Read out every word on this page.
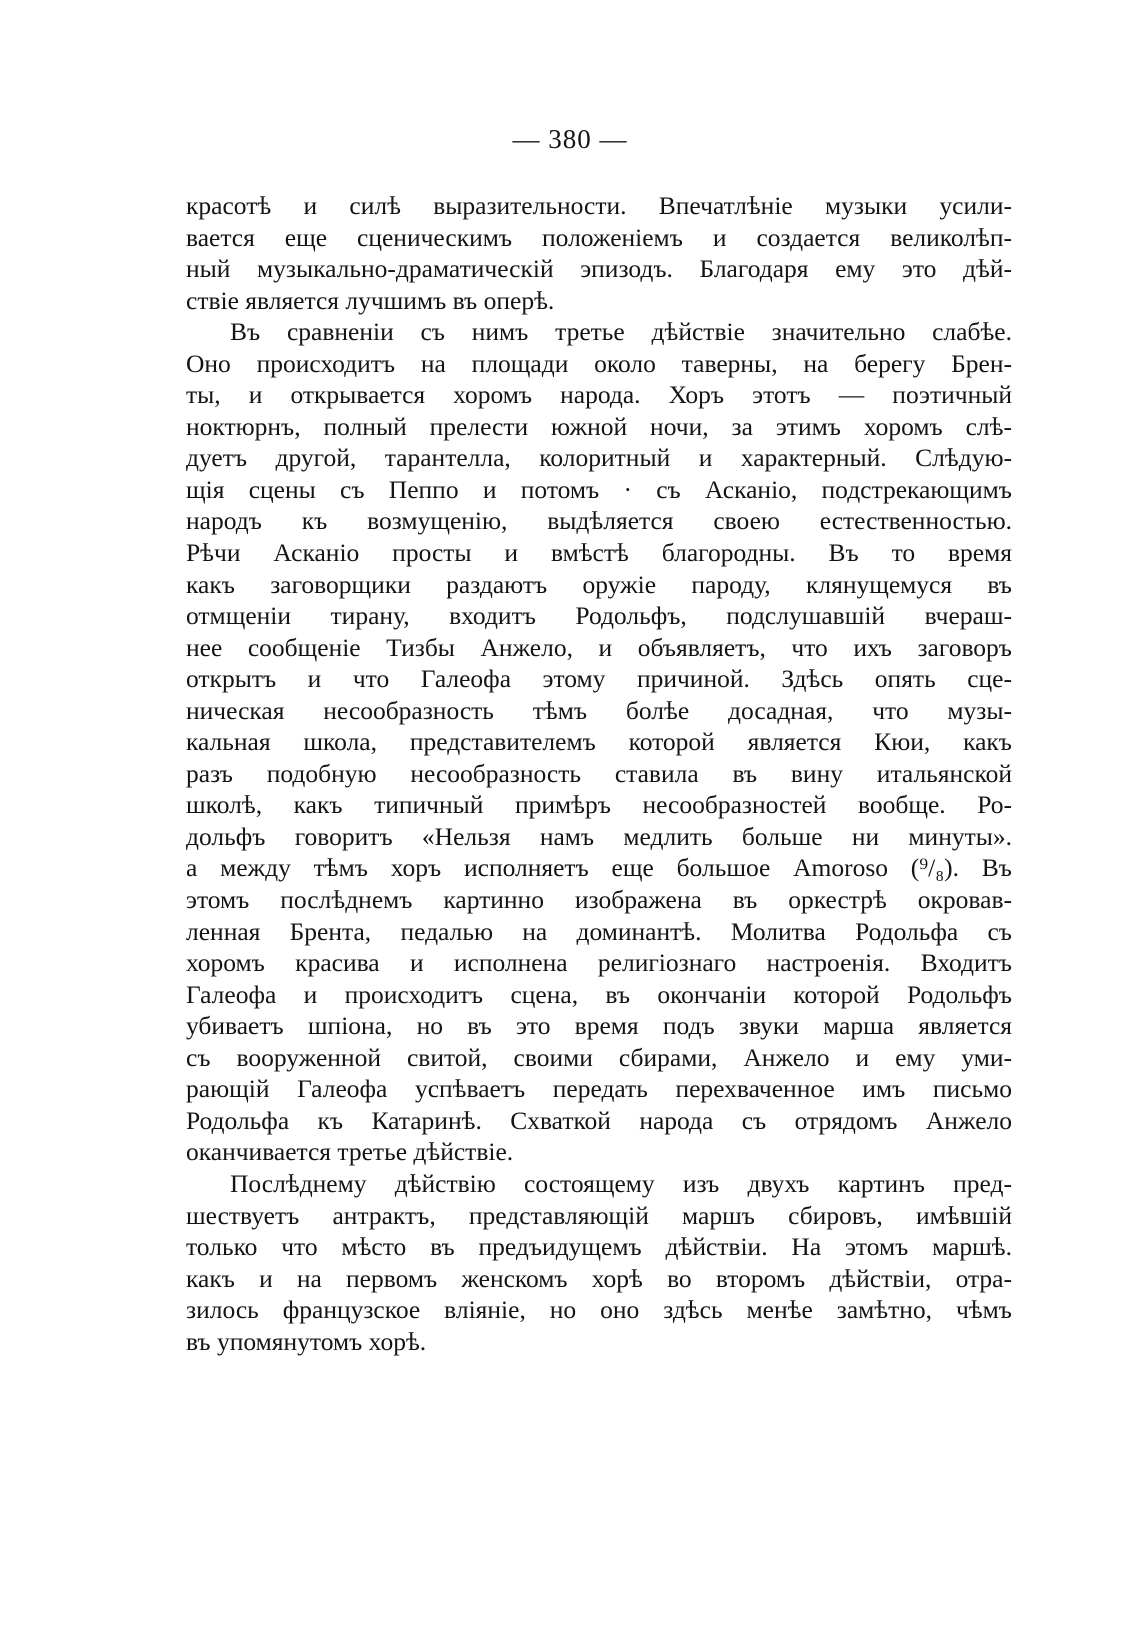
— 380 —
красотѣ и силѣ выразительности. Впечатлѣніе музыки усили-
вается еще сценическимъ положеніемъ и создается великолѣп-
ный музыкально-драматическій эпизодъ. Благодаря ему это дѣй-
ствіе является лучшимъ въ оперѣ.
Въ сравненіи съ нимъ третье дѣйствіе значительно слабѣе.
Оно происходитъ на площади около таверны, на берегу Брен-
ты, и открывается хоромъ народа. Хоръ этотъ — поэтичный
ноктюрнъ, полный прелести южной ночи, за этимъ хоромъ слѣ-
дуетъ другой, тарантелла, колоритный и характерный. Слѣдую-
щія сцены съ Пеппо и потомъ · съ Асканіо, подстрекающимъ
народъ къ возмущенію, выдѣляется своею естественностью.
Рѣчи Асканіо просты и вмѣстѣ благородны. Въ то время
какъ заговорщики раздаютъ оружіе пароду, клянущемуся въ
отмщеніи тирану, входитъ Родольфъ, подслушавшій вчераш-
нее сообщеніе Тизбы Анжело, и объявляетъ, что ихъ заговоръ
открытъ и что Галеофа этому причиной. Здѣсь опять сце-
ническая несообразность тѣмъ болѣе досадная, что музы-
кальная школа, представителемъ которой является Кюи, какъ
разъ подобную несообразность ставила въ вину итальянской
школѣ, какъ типичный примѣръ несообразностей вообще. Ро-
дольфъ говоритъ «Нельзя намъ медлить больше ни минуты».
а между тѣмъ хоръ исполняетъ еще большое Amoroso (⁹/₈). Въ
этомъ послѣднемъ картинно изображена въ оркестрѣ окровав-
ленная Брента, педалью на доминантѣ. Молитва Родольфа съ
хоромъ красива и исполнена религіознаго настроенія. Входитъ
Галеофа и происходитъ сцена, въ окончаніи которой Родольфъ
убиваетъ шпіона, но въ это время подъ звуки марша является
съ вооруженной свитой, своими сбирами, Анжело и ему уми-
рающій Галеофа успѣваетъ передать перехваченное имъ письмо
Родольфа къ Катаринѣ. Схваткой народа съ отрядомъ Анжело
оканчивается третье дѣйствіе.
Послѣднему дѣйствію состоящему изъ двухъ картинъ пред-
шествуетъ антрактъ, представляющій маршъ сбировъ, имѣвшій
только что мѣсто въ предъидущемъ дѣйствіи. На этомъ маршѣ.
какъ и на первомъ женскомъ хорѣ во второмъ дѣйствіи, отра-
зилось французское вліяніе, но оно здѣсь менѣе замѣтно, чѣмъ
въ упомянутомъ хорѣ.
